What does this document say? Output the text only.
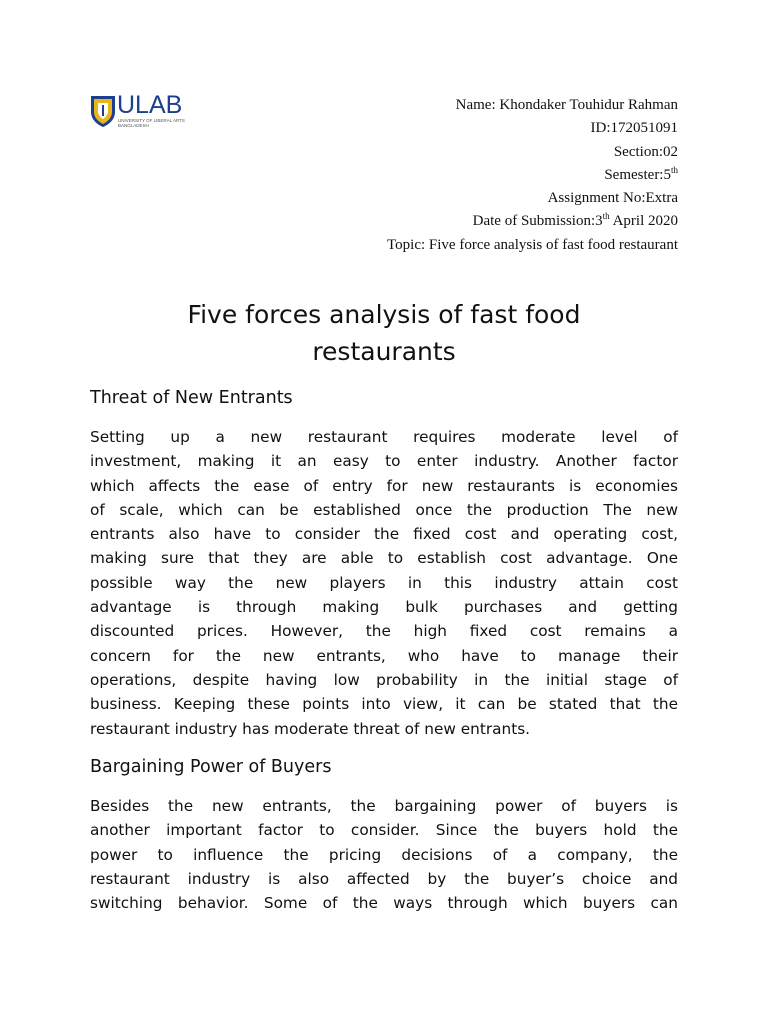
ULAB
UNIVERSITY OF LIBERAL ARTS BANGLADESH
Name: Khondaker Touhidur Rahman
ID:172051091
Section:02
Semester:5th
Assignment No:Extra
Date of Submission:3th April 2020
Topic: Five force analysis of fast food restaurant
Five forces analysis of fast food
restaurants
Threat of New Entrants

Setting up a new restaurant requires moderate level of
investment, making it an easy to enter industry. Another factor
which affects the ease of entry for new restaurants is economies
of scale, which can be established once the production The new
entrants also have to consider the fixed cost and operating cost,
making sure that they are able to establish cost advantage. One
possible way the new players in this industry attain cost
advantage is through making bulk purchases and getting
discounted prices. However, the high fixed cost remains a
concern for the new entrants, who have to manage their
operations, despite having low probability in the initial stage of
business. Keeping these points into view, it can be stated that the
restaurant industry has moderate threat of new entrants.

Bargaining Power of Buyers

Besides the new entrants, the bargaining power of buyers is
another important factor to consider. Since the buyers hold the
power to influence the pricing decisions of a company, the
restaurant industry is also affected by the buyer’s choice and
switching behavior. Some of the ways through which buyers can
